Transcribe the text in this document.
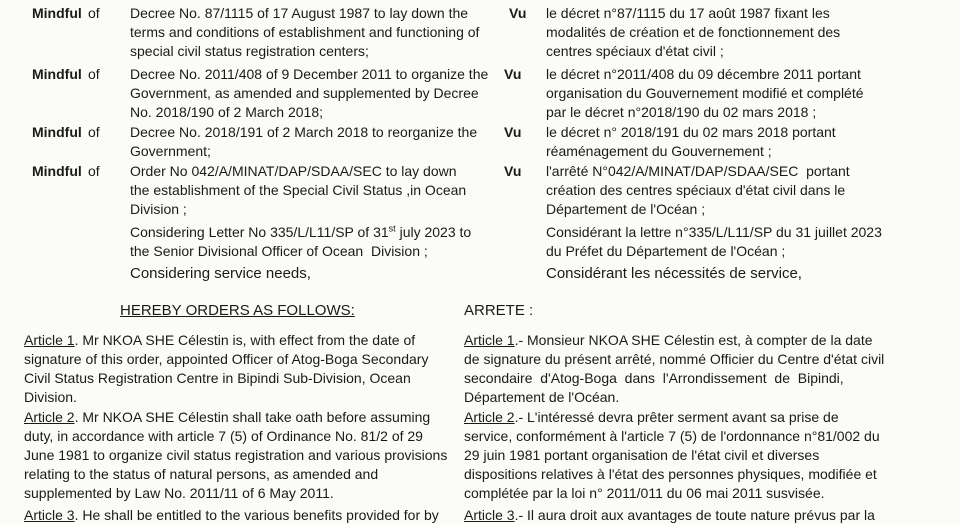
Mindful of Decree No. 87/1115 of 17 August 1987 to lay down the
terms and conditions of establishment and functioning of
special civil status registration centers;
Mindful of Decree No. 2011/408 of 9 December 2011 to organize the
Government, as amended and supplemented by Decree
No. 2018/190 of 2 March 2018;
Mindful of Decree No. 2018/191 of 2 March 2018 to reorganize the
Government;
Mindful of Order No 042/A/MINAT/DAP/SDAA/SEC to lay down
the establishment of the Special Civil Status ,in Ocean
Division ;
Considering Letter No 335/L/L11/SP of 31st july 2023 to
the Senior Divisional Officer of Ocean  Division ;
Considering service needs,
HEREBY ORDERS AS FOLLOWS:
Article 1. Mr NKOA SHE Célestin is, with effect from the date of
signature of this order, appointed Officer of Atog-Boga Secondary
Civil Status Registration Centre in Bipindi Sub-Division, Ocean
Division.
Article 2. Mr NKOA SHE Célestin shall take oath before assuming
duty, in accordance with article 7 (5) of Ordinance No. 81/2 of 29
June 1981 to organize civil status registration and various provisions
relating to the status of natural persons, as amended and
supplemented by Law No. 2011/11 of 6 May 2011.
Article 3. He shall be entitled to the various benefits provided for by
Vu le décret n°87/1115 du 17 août 1987 fixant les
modalités de création et de fonctionnement des
centres spéciaux d'état civil ;
Vu le décret n°2011/408 du 09 décembre 2011 portant
organisation du Gouvernement modifié et complété
par le décret n°2018/190 du 02 mars 2018 ;
Vu le décret n° 2018/191 du 02 mars 2018 portant
réaménagement du Gouvernement ;
Vu l'arrêté N°042/A/MINAT/DAP/SDAA/SEC  portant
création des centres spéciaux d'état civil dans le
Département de l'Océan ;
Considérant la lettre n°335/L/L11/SP du 31 juillet 2023
du Préfet du Département de l'Océan ;
Considérant les nécessités de service,
ARRETE :
Article 1.- Monsieur NKOA SHE Célestin est, à compter de la date
de signature du présent arrêté, nommé Officier du Centre d'état civil
secondaire  d'Atog-Boga  dans  l'Arrondissement  de  Bipindi,
Département de l'Océan.
Article 2.- L'intéressé devra prêter serment avant sa prise de
service, conformément à l'article 7 (5) de l'ordonnance n°81/002 du
29 juin 1981 portant organisation de l'état civil et diverses
dispositions relatives à l'état des personnes physiques, modifiée et
complétée par la loi n° 2011/011 du 06 mai 2011 susvisée.
Article 3.- Il aura droit aux avantages de toute nature prévus par la
